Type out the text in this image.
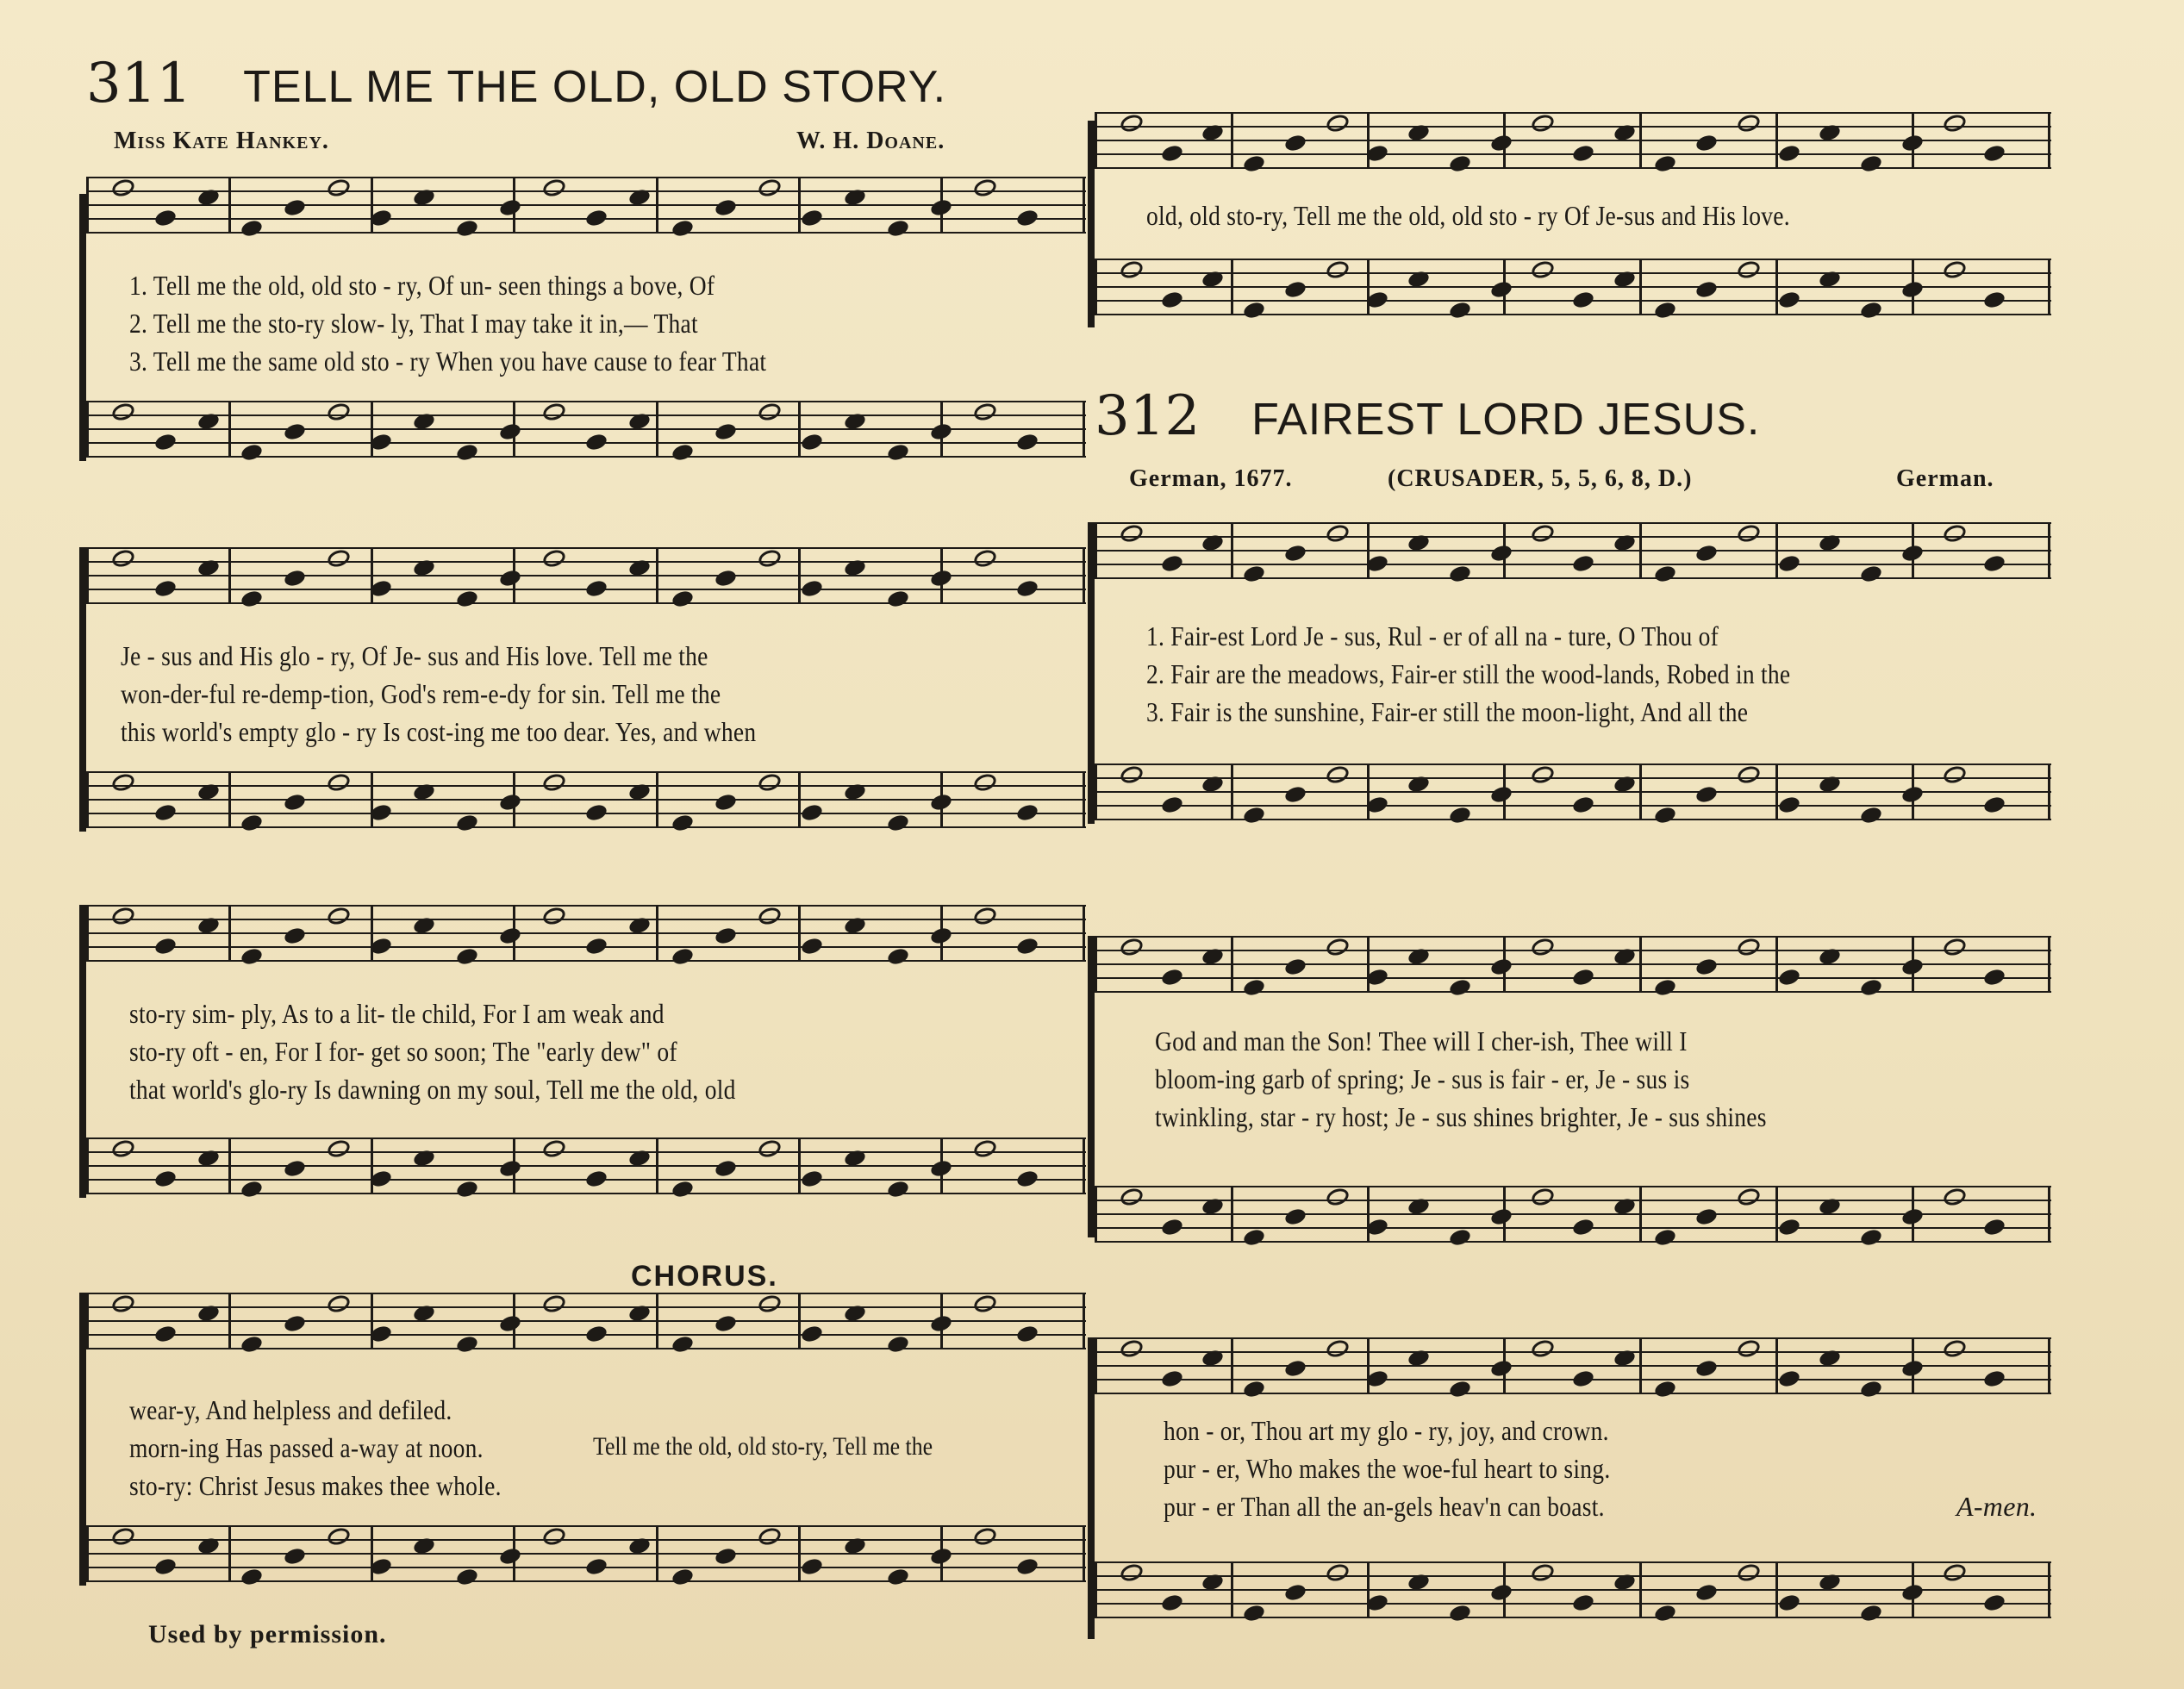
311 TELL ME THE OLD, OLD STORY.
Miss Kate Hankey.	W. H. Doane.
1. Tell me the old, old sto - ry, Of un- seen things a bove, Of
2. Tell me the sto-ry slow- ly, That I may take it in,— That
3. Tell me the same old sto - ry When you have cause to fear That
Je - sus and His glo - ry, Of Je- sus and His love. Tell me the
won-der-ful re-demp-tion, God's rem-e-dy for sin. Tell me the
this world's empty glo - ry Is cost-ing me too dear. Yes, and when
sto-ry sim- ply, As to a lit- tle child, For I am weak and
sto-ry oft - en, For I for- get so soon; The "early dew" of
that world's glo-ry Is dawning on my soul, Tell me the old, old
CHORUS.
wear-y, And helpless and defiled.
morn-ing Has passed a-way at noon.
sto-ry: Christ Jesus makes thee whole.
Tell me the old, old sto-ry, Tell me the
Used by permission.
old, old sto-ry, Tell me the old, old sto - ry Of Je-sus and His love.
312 FAIREST LORD JESUS.
German, 1677.	(CRUSADER, 5, 5, 6, 8, D.)	German.
1. Fair-est Lord Je - sus, Rul - er of all na - ture, O Thou of
2. Fair are the meadows, Fair-er still the wood-lands, Robed in the
3. Fair is the sunshine, Fair-er still the moon-light, And all the
God and man the Son! Thee will I cher-ish, Thee will I
bloom-ing garb of spring; Je - sus is fair - er, Je - sus is
twinkling, star - ry host; Je - sus shines brighter, Je - sus shines
hon - or, Thou art my glo - ry, joy, and crown.
pur - er, Who makes the woe-ful heart to sing.
pur - er Than all the an-gels heav'n can boast.	A-men.
